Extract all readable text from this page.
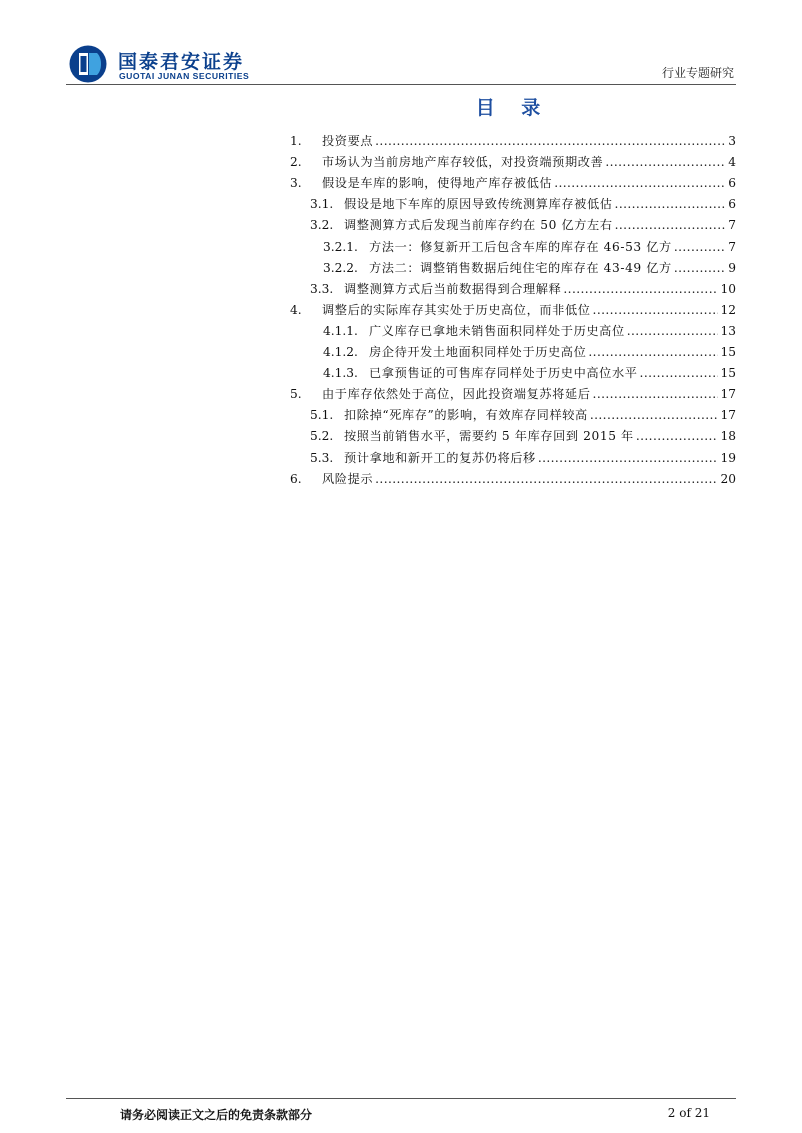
国泰君安证券
GUOTAI JUNAN SECURITIES	行业专题研究
目 录
1.	投资要点 .....	3
2.	市场认为当前房地产库存较低，对投资端预期改善 .....	4
3.	假设是车库的影响，使得地产库存被低估 .....	6
3.1. 假设是地下车库的原因导致传统测算库存被低估 .....	6
3.2. 调整测算方式后发现当前库存约在 50 亿方左右 .....	7
3.2.1. 方法一：修复新开工后包含车库的库存在 46-53 亿方 .....	7
3.2.2. 方法二：调整销售数据后纯住宅的库存在 43-49 亿方 .....	9
3.3. 调整测算方式后当前数据得到合理解释 .....	10
4.	调整后的实际库存其实处于历史高位，而非低位 .....	12
4.1.1. 广义库存已拿地未销售面积同样处于历史高位 .....	13
4.1.2. 房企待开发土地面积同样处于历史高位 .....	15
4.1.3. 已拿预售证的可售库存同样处于历史中高位水平 .....	15
5.	由于库存依然处于高位，因此投资端复苏将延后 .....	17
5.1. 扣除掉“死库存”的影响，有效库存同样较高 .....	17
5.2. 按照当前销售水平，需要约 5 年库存回到 2015 年 .....	18
5.3. 预计拿地和新开工的复苏仍将后移 .....	19
6.	风险提示 .....	20
请务必阅读正文之后的免责条款部分	2 of 21
